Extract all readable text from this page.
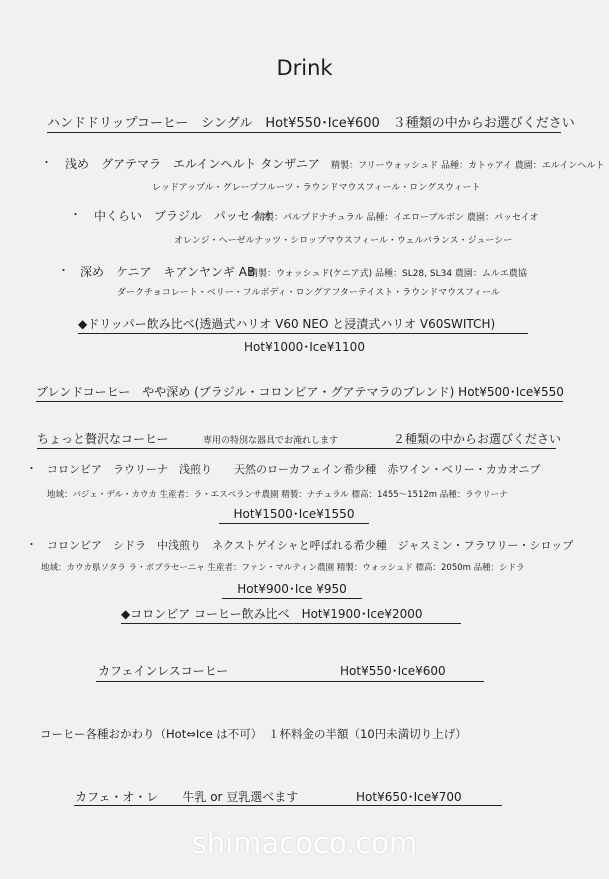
Drink
ハンドドリップコーヒー　シングル　Hot¥550･Ice¥600　３種類の中からお選びください
・ 浅め　グアテマラ　エルインヘルト タンザニア 精製：フリーウォッシュド 品種：カトゥアイ 農園：エルインヘルト
レッドアップル・グレープフルーツ・ラウンドマウスフィール・ロングスウィート
・ 中くらい　ブラジル　パッセイオ
精製：パルプドナチュラル 品種：イエローブルボン 農園：パッセイオ
オレンジ・ヘーゼルナッツ・シロップマウスフィール・ウェルバランス・ジューシー
・ 深め　ケニア　キアンヤンギ AB
精製：ウォッシュド(ケニア式) 品種：SL28, SL34 農園：ムルエ農協
ダークチョコレート・ベリー・フルボディ・ロングアフターテイスト・ラウンドマウスフィール
◆ドリッパー飲み比べ(透過式ハリオ V60 NEO と浸漬式ハリオ V60SWITCH)
Hot¥1000･Ice¥1100
ブレンドコーヒー　やや深め (ブラジル・コロンビア・グアテマラのブレンド) Hot¥500･Ice¥550
ちょっと贅沢なコーヒー	専用の特別な器具でお淹れします	２種類の中からお選びください
・ コロンビア　ラウリーナ　浅煎り　　天然のローカフェイン希少種　赤ワイン・ベリー・カカオニブ
地域：バジェ・デル・カウカ 生産者：ラ・エスペランサ農園 精製：ナチュラル 標高：1455～1512m 品種：ラウリーナ
Hot¥1500･Ice¥1550
・ コロンビア　シドラ　中浅煎り　ネクストゲイシャと呼ばれる希少種　ジャスミン・フラワリー・シロップ
地域：カウカ県ソタラ ラ・ボブラセーニャ 生産者：ファン・マルティン農園 精製：ウォッシュド 標高：2050m 品種：シドラ
Hot¥900･Ice ¥950
◆コロンビア コーヒー飲み比べ　Hot¥1900･Ice¥2000
カフェインレスコーヒー	Hot¥550･Ice¥600
コーヒー各種おかわり（Hot⇔Ice は不可）　１杯料金の半額（10円未満切り上げ）
カフェ・オ・レ　　牛乳 or 豆乳選べます	Hot¥650･Ice¥700
shimacoco.com
